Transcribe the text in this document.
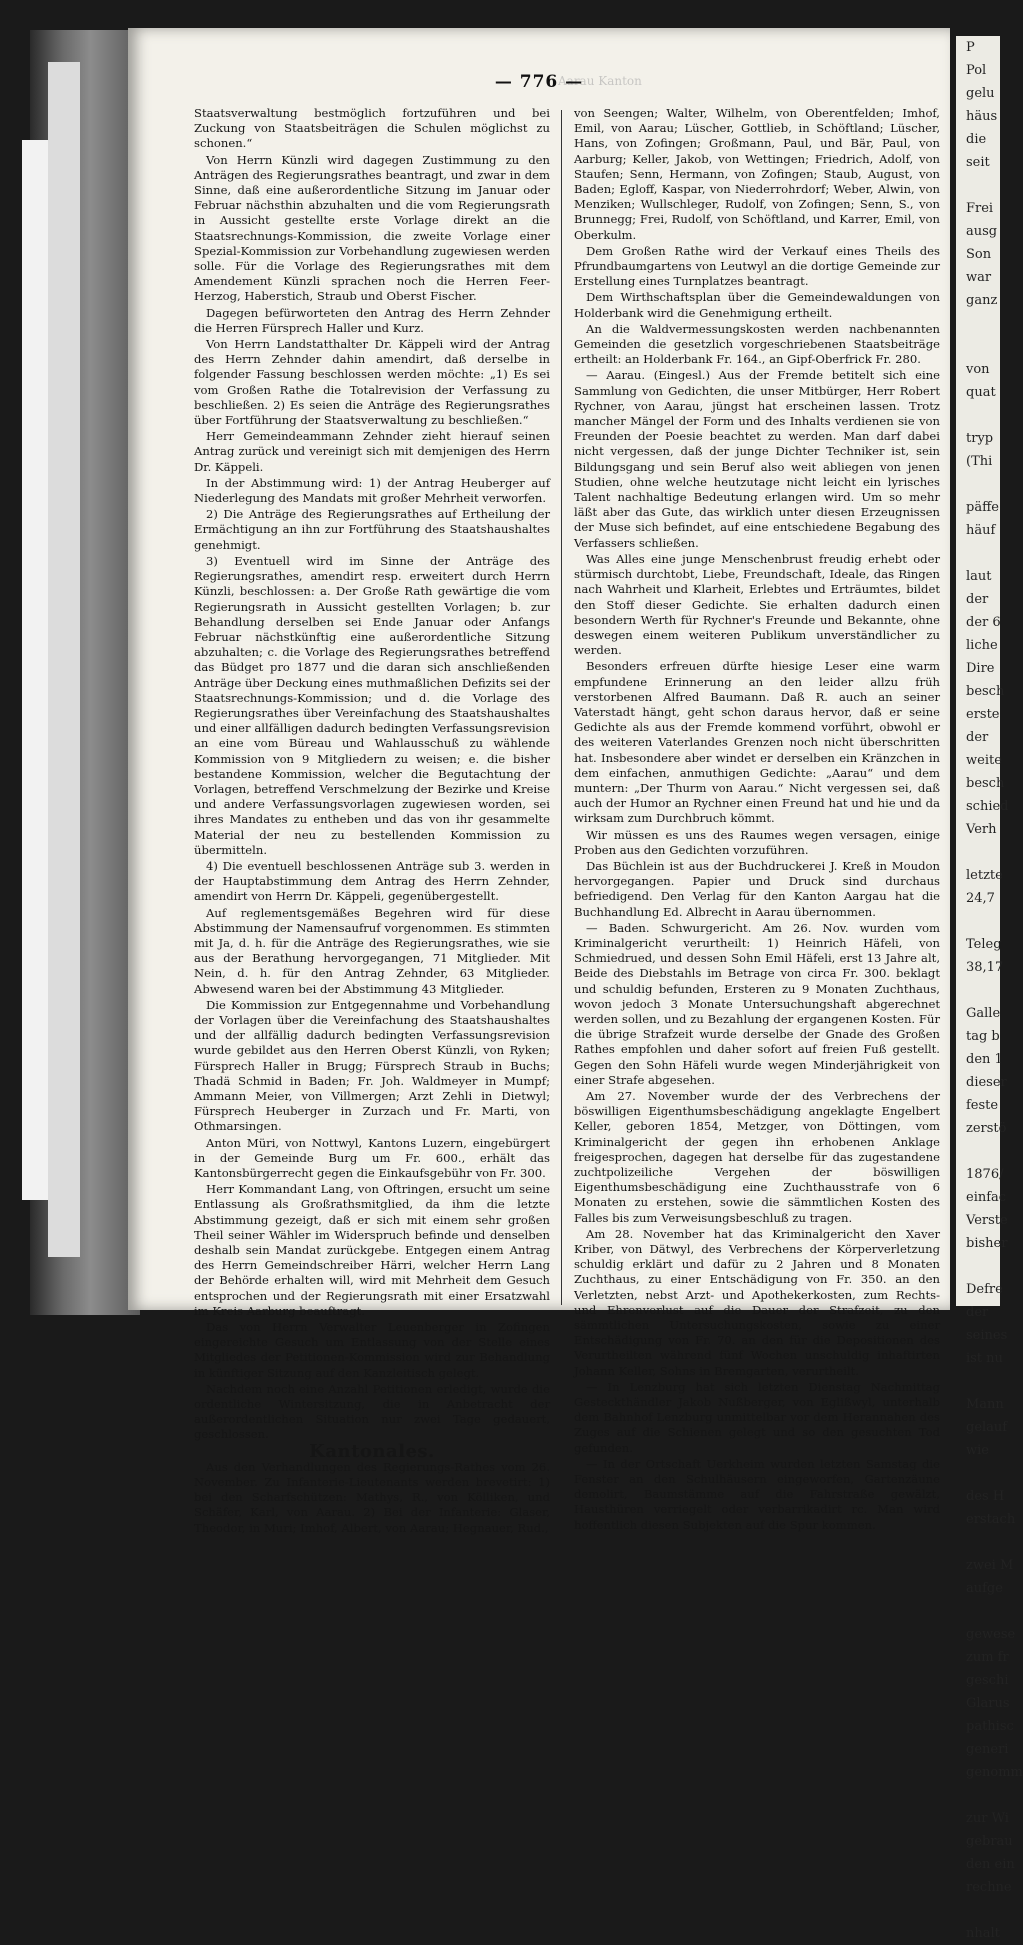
Aarau Kanton
— 776 —

Staatsverwaltung bestmöglich fortzuführen und bei Zuckung von Staatsbeiträgen die Schulen möglichst zu schonen.“

Von Herrn Künzli wird dagegen Zustimmung zu den Anträgen des Regierungsrathes beantragt, und zwar in dem Sinne, daß eine außerordentliche Sitzung im Januar oder Februar nächsthin abzuhalten und die vom Regierungsrath in Aussicht gestellte erste Vorlage direkt an die Staatsrechnungs-Kommission, die zweite Vorlage einer Spezial-Kommission zur Vorbehandlung zugewiesen werden solle. Für die Vorlage des Regierungsrathes mit dem Amendement Künzli sprachen noch die Herren Feer-Herzog, Haberstich, Straub und Oberst Fischer.

Dagegen befürworteten den Antrag des Herrn Zehnder die Herren Fürsprech Haller und Kurz.

Von Herrn Landstatthalter Dr. Käppeli wird der Antrag des Herrn Zehnder dahin amendirt, daß derselbe in folgender Fassung beschlossen werden möchte: „1) Es sei vom Großen Rathe die Totalrevision der Verfassung zu beschließen. 2) Es seien die Anträge des Regierungsrathes über Fortführung der Staatsverwaltung zu beschließen.“

Herr Gemeindeammann Zehnder zieht hierauf seinen Antrag zurück und vereinigt sich mit demjenigen des Herrn Dr. Käppeli.

In der Abstimmung wird: 1) der Antrag Heuberger auf Niederlegung des Mandats mit großer Mehrheit verworfen.

2) Die Anträge des Regierungsrathes auf Ertheilung der Ermächtigung an ihn zur Fortführung des Staatshaushaltes genehmigt.

3) Eventuell wird im Sinne der Anträge des Regierungsrathes, amendirt resp. erweitert durch Herrn Künzli, beschlossen: a. Der Große Rath gewärtige die vom Regierungsrath in Aussicht gestellten Vorlagen; b. zur Behandlung derselben sei Ende Januar oder Anfangs Februar nächstkünftig eine außerordentliche Sitzung abzuhalten; c. die Vorlage des Regierungsrathes betreffend das Büdget pro 1877 und die daran sich anschließenden Anträge über Deckung eines muthmaßlichen Defizits sei der Staatsrechnungs-Kommission; und d. die Vorlage des Regierungsrathes über Vereinfachung des Staatshaushaltes und einer allfälligen dadurch bedingten Verfassungsrevision an eine vom Büreau und Wahlausschuß zu wählende Kommission von 9 Mitgliedern zu weisen; e. die bisher bestandene Kommission, welcher die Begutachtung der Vorlagen, betreffend Verschmelzung der Bezirke und Kreise und andere Verfassungsvorlagen zugewiesen worden, sei ihres Mandates zu entheben und das von ihr gesammelte Material der neu zu bestellenden Kommission zu übermitteln.

4) Die eventuell beschlossenen Anträge sub 3. werden in der Hauptabstimmung dem Antrag des Herrn Zehnder, amendirt von Herrn Dr. Käppeli, gegenübergestellt.

Auf reglementsgemäßes Begehren wird für diese Abstimmung der Namensaufruf vorgenommen. Es stimmten mit Ja, d. h. für die Anträge des Regierungsrathes, wie sie aus der Berathung hervorgegangen, 71 Mitglieder. Mit Nein, d. h. für den Antrag Zehnder, 63 Mitglieder. Abwesend waren bei der Abstimmung 43 Mitglieder.

Die Kommission zur Entgegennahme und Vorbehandlung der Vorlagen über die Vereinfachung des Staatshaushaltes und der allfällig dadurch bedingten Verfassungsrevision wurde gebildet aus den Herren Oberst Künzli, von Ryken; Fürsprech Haller in Brugg; Fürsprech Straub in Buchs; Thadä Schmid in Baden; Fr. Joh. Waldmeyer in Mumpf; Ammann Meier, von Villmergen; Arzt Zehli in Dietwyl; Fürsprech Heuberger in Zurzach und Fr. Marti, von Othmarsingen.

Anton Müri, von Nottwyl, Kantons Luzern, eingebürgert in der Gemeinde Burg um Fr. 600., erhält das Kantonsbürgerrecht gegen die Einkaufsgebühr von Fr. 300.

Herr Kommandant Lang, von Oftringen, ersucht um seine Entlassung als Großrathsmitglied, da ihm die letzte Abstimmung gezeigt, daß er sich mit einem sehr großen Theil seiner Wähler im Widerspruch befinde und denselben deshalb sein Mandat zurückgebe. Entgegen einem Antrag des Herrn Gemeindschreiber Härri, welcher Herrn Lang der Behörde erhalten will, wird mit Mehrheit dem Gesuch entsprochen und der Regierungsrath mit einer Ersatzwahl im Kreis Aarburg beauftragt.

Das von Herrn Verwalter Leuenberger in Zofingen eingereichte Gesuch um Entlassung von der Stelle eines Mitgliedes der Petitionen-Kommission wird zur Behandlung in künftiger Sitzung auf den Kanzleitisch gelegt.

Nachdem noch eine Anzahl Petitionen erledigt, wurde die ordentliche Wintersitzung, die in Anbetracht der außerordentlichen Situation nur zwei Tage gedauert, geschlossen.

Kantonales.

Aus den Verhandlungen des Regierungs-Rathes vom 26. November. Zu Infanterie-Lieutenants werden brevetirt: 1) bei den Scharfschützen: Mathys, R., von Kölliken, und Schäfer, Karl, von Aarau. 2) Bei der Infanterie: Glaser, Theodor, in Muri; Imhof, Albert, von Aarau; Hegnauer, Rud.,

von Seengen; Walter, Wilhelm, von Oberentfelden; Imhof, Emil, von Aarau; Lüscher, Gottlieb, in Schöftland; Lüscher, Hans, von Zofingen; Großmann, Paul, und Bär, Paul, von Aarburg; Keller, Jakob, von Wettingen; Friedrich, Adolf, von Staufen; Senn, Hermann, von Zofingen; Staub, August, von Baden; Egloff, Kaspar, von Niederrohrdorf; Weber, Alwin, von Menziken; Wullschleger, Rudolf, von Zofingen; Senn, S., von Brunnegg; Frei, Rudolf, von Schöftland, und Karrer, Emil, von Oberkulm.

Dem Großen Rathe wird der Verkauf eines Theils des Pfrundbaumgartens von Leutwyl an die dortige Gemeinde zur Erstellung eines Turnplatzes beantragt.

Dem Wirthschaftsplan über die Gemeindewaldungen von Holderbank wird die Genehmigung ertheilt.

An die Waldvermessungskosten werden nachbenannten Gemeinden die gesetzlich vorgeschriebenen Staatsbeiträge ertheilt: an Holderbank Fr. 164., an Gipf-Oberfrick Fr. 280.

— Aarau. (Eingesl.) Aus der Fremde betitelt sich eine Sammlung von Gedichten, die unser Mitbürger, Herr Robert Rychner, von Aarau, jüngst hat erscheinen lassen. Trotz mancher Mängel der Form und des Inhalts verdienen sie von Freunden der Poesie beachtet zu werden. Man darf dabei nicht vergessen, daß der junge Dichter Techniker ist, sein Bildungsgang und sein Beruf also weit abliegen von jenen Studien, ohne welche heutzutage nicht leicht ein lyrisches Talent nachhaltige Bedeutung erlangen wird. Um so mehr läßt aber das Gute, das wirklich unter diesen Erzeugnissen der Muse sich befindet, auf eine entschiedene Begabung des Verfassers schließen.

Was Alles eine junge Menschenbrust freudig erhebt oder stürmisch durchtobt, Liebe, Freundschaft, Ideale, das Ringen nach Wahrheit und Klarheit, Erlebtes und Erträumtes, bildet den Stoff dieser Gedichte. Sie erhalten dadurch einen besondern Werth für Rychner's Freunde und Bekannte, ohne deswegen einem weiteren Publikum unverständlicher zu werden.

Besonders erfreuen dürfte hiesige Leser eine warm empfundene Erinnerung an den leider allzu früh verstorbenen Alfred Baumann. Daß R. auch an seiner Vaterstadt hängt, geht schon daraus hervor, daß er seine Gedichte als aus der Fremde kommend vorführt, obwohl er des weiteren Vaterlandes Grenzen noch nicht überschritten hat. Insbesondere aber windet er derselben ein Kränzchen in dem einfachen, anmuthigen Gedichte: „Aarau“ und dem muntern: „Der Thurm von Aarau.“ Nicht vergessen sei, daß auch der Humor an Rychner einen Freund hat und hie und da wirksam zum Durchbruch kömmt.

Wir müssen es uns des Raumes wegen versagen, einige Proben aus den Gedichten vorzuführen.

Das Büchlein ist aus der Buchdruckerei J. Kreß in Moudon hervorgegangen. Papier und Druck sind durchaus befriedigend. Den Verlag für den Kanton Aargau hat die Buchhandlung Ed. Albrecht in Aarau übernommen.

— Baden. Schwurgericht. Am 26. Nov. wurden vom Kriminalgericht verurtheilt: 1) Heinrich Häfeli, von Schmiedrued, und dessen Sohn Emil Häfeli, erst 13 Jahre alt, Beide des Diebstahls im Betrage von circa Fr. 300. beklagt und schuldig befunden, Ersteren zu 9 Monaten Zuchthaus, wovon jedoch 3 Monate Untersuchungshaft abgerechnet werden sollen, und zu Bezahlung der ergangenen Kosten. Für die übrige Strafzeit wurde derselbe der Gnade des Großen Rathes empfohlen und daher sofort auf freien Fuß gestellt. Gegen den Sohn Häfeli wurde wegen Minderjährigkeit von einer Strafe abgesehen.

Am 27. November wurde der des Verbrechens der böswilligen Eigenthumsbeschädigung angeklagte Engelbert Keller, geboren 1854, Metzger, von Döttingen, vom Kriminalgericht der gegen ihn erhobenen Anklage freigesprochen, dagegen hat derselbe für das zugestandene zuchtpolizeiliche Vergehen der böswilligen Eigenthumsbeschädigung eine Zuchthausstrafe von 6 Monaten zu erstehen, sowie die sämmtlichen Kosten des Falles bis zum Verweisungsbeschluß zu tragen.

Am 28. November hat das Kriminalgericht den Xaver Kriber, von Dätwyl, des Verbrechens der Körperverletzung schuldig erklärt und dafür zu 2 Jahren und 8 Monaten Zuchthaus, zu einer Entschädigung von Fr. 350. an den Verletzten, nebst Arzt- und Apothekerkosten, zum Rechts- und Ehrenverlust auf die Dauer der Strafzeit, zu den sämmtlichen Untersuchungskosten, sowie zu einer Entschädigung von Fr. 70. an den für die Depositionen des Verurtheilten während fünf Wochen unschuldig inhaftirten Johann Keller, Sohns in Bremgarten, verurtheilt.

— In Lenzburg hat sich letzten Dienstag Nachmittag Gesteckthändler Jakob Nußberger, von Eglißwyl, unterhalb dem Bahnhof Lenzburg unmittelbar vor dem Herannahen des Zuges auf die Schienen gelegt und so den gesuchten Tod gefunden.

— In der Ortschaft Uerkheim wurden letzten Samstag die Fenster an den Schulhäusern eingeworfen, Gartenzäune demolirt, Baumstämme auf die Fahrstraße gewälzt, Hausthüren verriegelt oder verbarrikadirt rc. Man wird hoffentlich diesen Subjekten auf die Spur kommen.

P
Pol
gelu
häus
die
seit

Frei
ausg
Son
war
ganz

von
quat

tryp
(Thi

päffe
häuf

laut
der
der 6
liche
Dire
besch
erste
der
weite
besch
schied
Verh

letzte
24,7

Teleg
38,17

Galle
tag b
den 1
dieser
feste
zerstö

1876/
einfac
Verste
bisher

Defre
der
seines
ist nu

Mann
gelauf
wie

des H
erstach

zwei M
aufge

gewese
zum fr
geschi
Glarus
pathisc
generi
genomm

zur Wi
gebrau
den ein
rechne

nhalt
